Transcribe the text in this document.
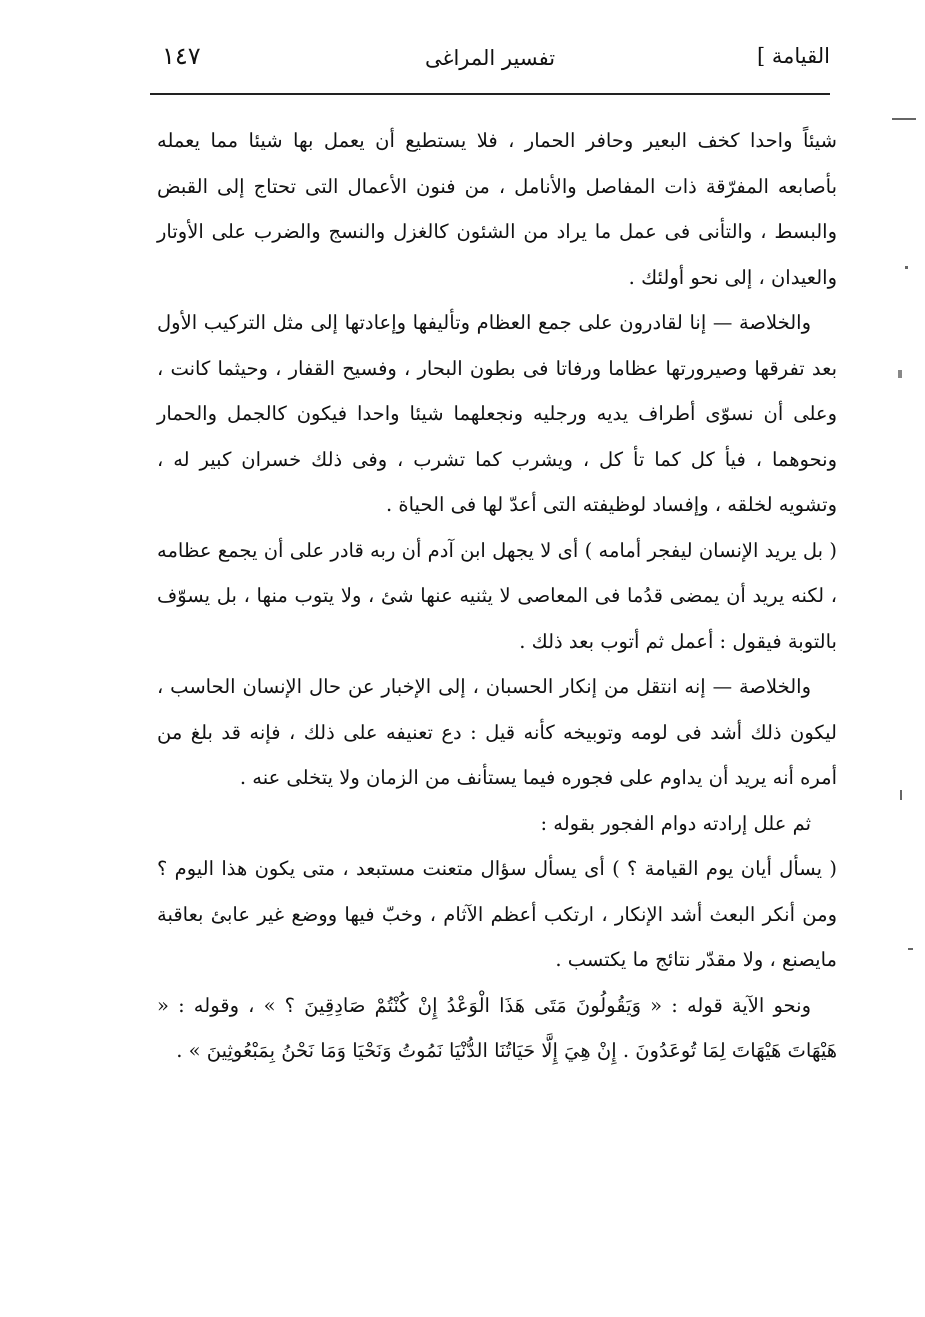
القيامة ]
تفسير المراغى
١٤٧

شيئاً واحدا كخف البعير وحافر الحمار ، فلا يستطيع أن يعمل بها شيئا مما يعمله بأصابعه المفرّقة ذات المفاصل والأنامل ، من فنون الأعمال التى تحتاج إلى القبض والبسط ، والتأنى فى عمل ما يراد من الشئون كالغزل والنسج والضرب على الأوتار والعيدان ، إلى نحو أولئك .

والخلاصة — إنا لقادرون على جمع العظام وتأليفها وإعادتها إلى مثل التركيب الأول بعد تفرقها وصيرورتها عظاما ورفاتا فى بطون البحار ، وفسيح القفار ، وحيثما كانت ، وعلى أن نسوّى أطراف يديه ورجليه ونجعلهما شيئا واحدا فيكون كالجمل والحمار ونحوهما ، فيأ كل كما تأ كل ، ويشرب كما تشرب ، وفى ذلك خسران كبير له ، وتشويه لخلقه ، وإفساد لوظيفته التى أعدّ لها فى الحياة .

( بل يريد الإنسان ليفجر أمامه ) أى لا يجهل ابن آدم أن ربه قادر على أن يجمع عظامه ، لكنه يريد أن يمضى قدُما فى المعاصى لا يثنيه عنها شئ ، ولا يتوب منها ، بل يسوّف بالتوبة فيقول : أعمل ثم أتوب بعد ذلك .

والخلاصة — إنه انتقل من إنكار الحسبان ، إلى الإخبار عن حال الإنسان الحاسب ، ليكون ذلك أشد فى لومه وتوبيخه كأنه قيل : دع تعنيفه على ذلك ، فإنه قد بلغ من أمره أنه يريد أن يداوم على فجوره فيما يستأنف من الزمان ولا يتخلى عنه .

ثم علل إرادته دوام الفجور بقوله :

( يسأل أيان يوم القيامة ؟ ) أى يسأل سؤال متعنت مستبعد ، متى يكون هذا اليوم ؟ ومن أنكر البعث أشد الإنكار ، ارتكب أعظم الآثام ، وخبّ فيها ووضع غير عابئ بعاقبة مايصنع ، ولا مقدّر نتائج ما يكتسب .

ونحو الآية قوله : « وَيَقُولُونَ مَتَى هَذَا الْوَعْدُ إِنْ كُنْتُمْ صَادِقِينَ ؟ » ، وقوله : « هَيْهَاتَ هَيْهَاتَ لِمَا تُوعَدُونَ . إِنْ هِيَ إِلَّا حَيَاتُنَا الدُّنْيَا نَمُوتُ وَنَحْيَا وَمَا نَحْنُ بِمَبْعُوثِينَ » .
